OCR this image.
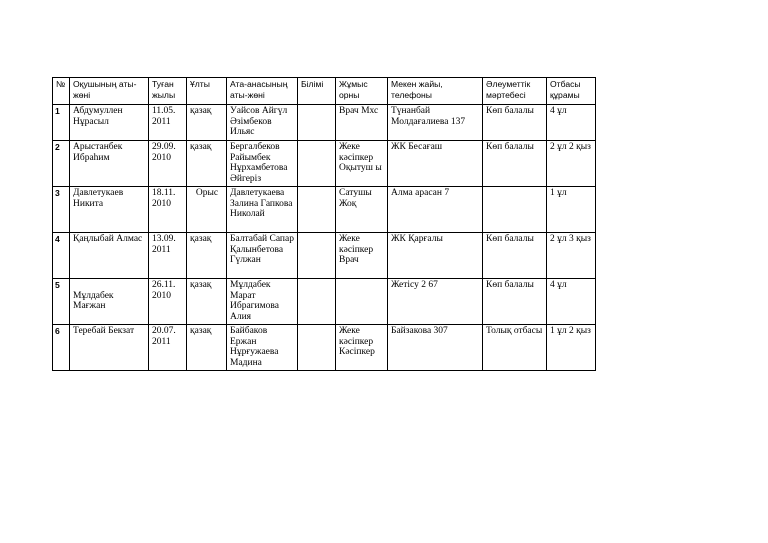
№	Оқушының аты-жөні	Туған жылы	Ұлты	Ата-анасының аты-жөні	Білімі	Жұмыс орны	Мекен жайы, телефоны	Әлеуметтік мәртебесі	Отбасы құрамы
1	Абдумуллен Нұрасыл	11.05. 2011	қазақ	Уайсов Айгүл Әзімбеков Ильяс		Врач Мхс	Түнанбай Молдағалиева 137	Көп балалы	4 ұл
2	Арыстанбек Ибраһим	29.09. 2010	қазақ	Бергалбеков Райымбек Нұрхамбетова Әйгеріз		Жеке кәсіпкер Оқытуш ы	ЖК Бесағаш	Көп балалы	2 ұл 2 қыз
3	Давлетукаев Никита	18.11. 2010	Орыс	Давлетукаева Залина Гапкова Николай		Сатушы Жоқ	Алма арасан 7		1 ұл
4	Қаңлыбай Алмас	13.09. 2011	қазақ	Балтабай Сапар Қалынбетова Гүлжан		Жеке кәсіпкер Врач	ЖК Қарғалы	Көп балалы	2 ұл 3 қыз
5	Мұлдабек Мағжан	26.11. 2010	қазақ	Мұлдабек Марат Ибрагимова Алия			Жетісу 2 67	Көп балалы	4 ұл
6	Теребай Бекзат	20.07. 2011	қазақ	Байбаков Ержан Нұрғужаева Мадина		Жеке кәсіпкер Кәсіпкер	Байзакова 307	Толық отбасы	1 ұл 2 қыз
